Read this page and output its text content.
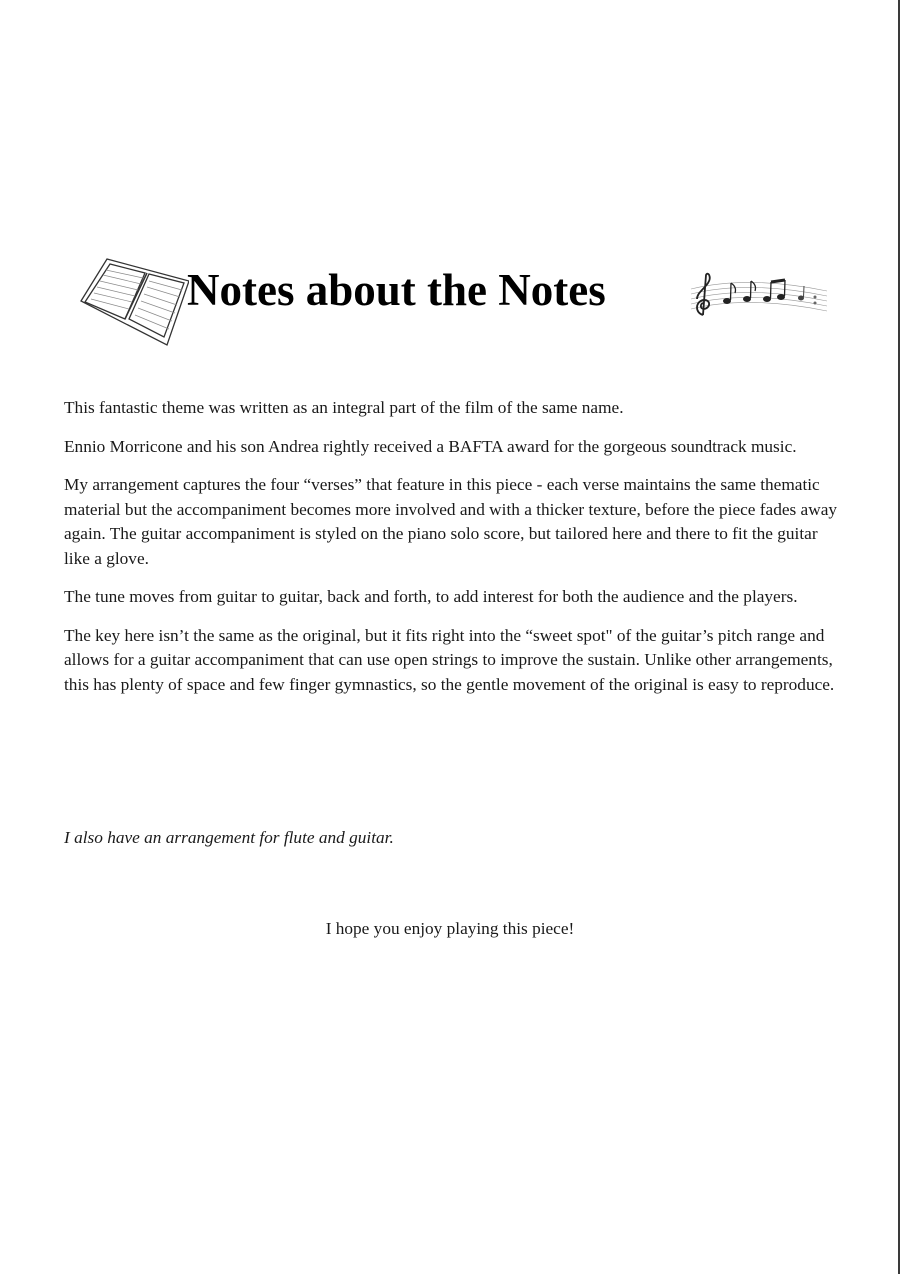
Notes about the Notes

This fantastic theme was written as an integral part of the film of the same name.

Ennio Morricone and his son Andrea rightly received a BAFTA award for the gorgeous soundtrack music.

My arrangement captures the four “verses” that feature in this piece - each verse maintains the same thematic material but the accompaniment becomes more involved and with a thicker texture, before the piece fades away again. The guitar accompaniment is styled on the piano solo score, but tailored here and there to fit the guitar like a glove.

The tune moves from guitar to guitar, back and forth, to add interest for both the audience and the players.

The key here isn’t the same as the original, but it fits right into the “sweet spot" of the guitar’s pitch range and allows for a guitar accompaniment that can use open strings to improve the sustain. Unlike other arrangements, this has plenty of space and few finger gymnastics, so the gentle movement of the original is easy to reproduce.

I also have an arrangement for flute and guitar.

I hope you enjoy playing this piece!
